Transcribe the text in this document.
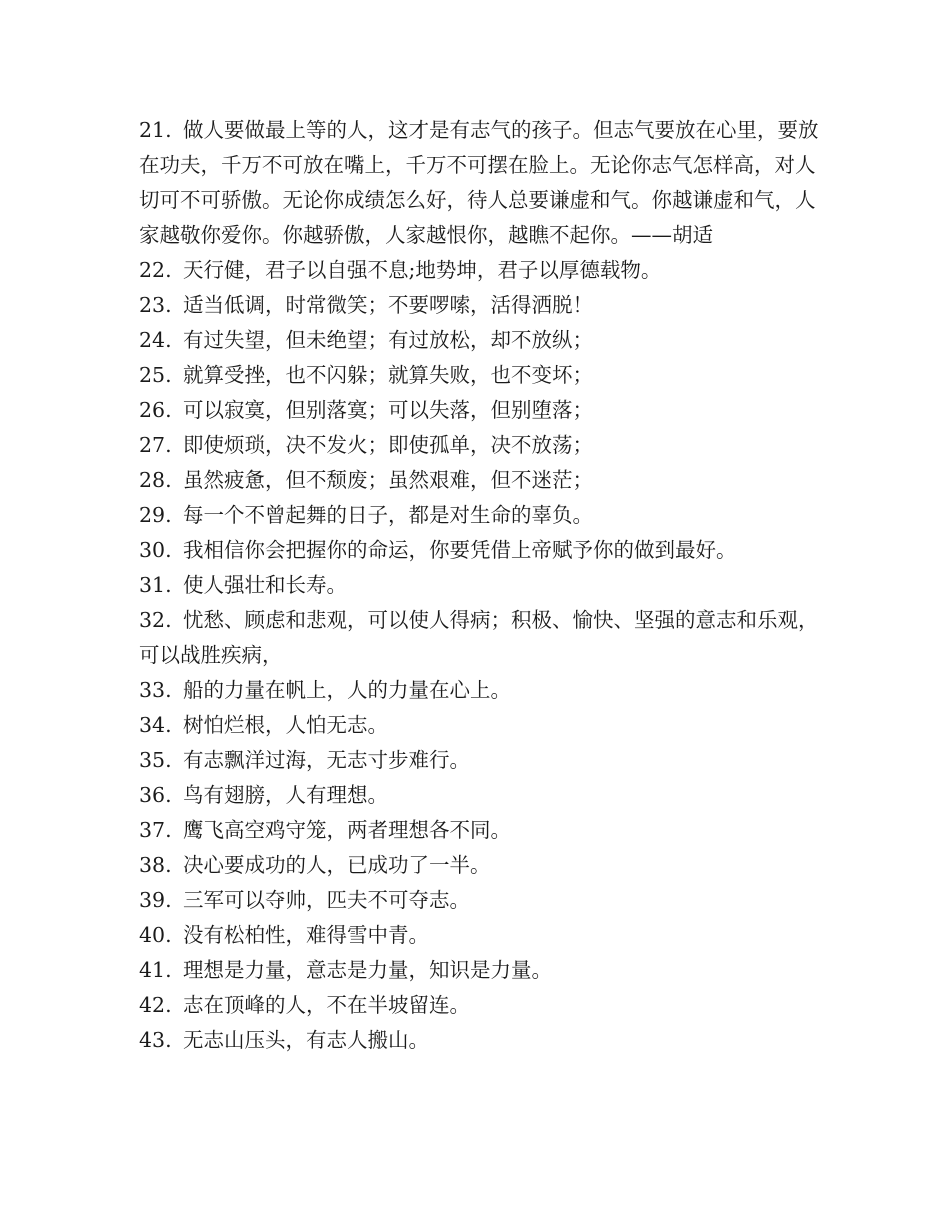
21. 做人要做最上等的人，这才是有志气的孩子。但志气要放在心里，要放在功夫，千万不可放在嘴上，千万不可摆在脸上。无论你志气怎样高，对人切可不可骄傲。无论你成绩怎么好，待人总要谦虚和气。你越谦虚和气，人家越敬你爱你。你越骄傲，人家越恨你，越瞧不起你。——胡适

22. 天行健，君子以自强不息;地势坤，君子以厚德载物。

23. 适当低调，时常微笑；不要啰嗦，活得洒脱！

24. 有过失望，但未绝望；有过放松，却不放纵；

25. 就算受挫，也不闪躲；就算失败，也不变坏；

26. 可以寂寞，但别落寞；可以失落，但别堕落；

27. 即使烦琐，决不发火；即使孤单，决不放荡；

28. 虽然疲惫，但不颓废；虽然艰难，但不迷茫；

29. 每一个不曾起舞的日子，都是对生命的辜负。

30. 我相信你会把握你的命运，你要凭借上帝赋予你的做到最好。

31. 使人强壮和长寿。

32. 忧愁、顾虑和悲观，可以使人得病；积极、愉快、坚强的意志和乐观，可以战胜疾病，

33. 船的力量在帆上，人的力量在心上。

34. 树怕烂根，人怕无志。

35. 有志飘洋过海，无志寸步难行。

36. 鸟有翅膀，人有理想。

37. 鹰飞高空鸡守笼，两者理想各不同。

38. 决心要成功的人，已成功了一半。

39. 三军可以夺帅，匹夫不可夺志。

40. 没有松柏性，难得雪中青。

41. 理想是力量，意志是力量，知识是力量。

42. 志在顶峰的人，不在半坡留连。

43. 无志山压头，有志人搬山。
